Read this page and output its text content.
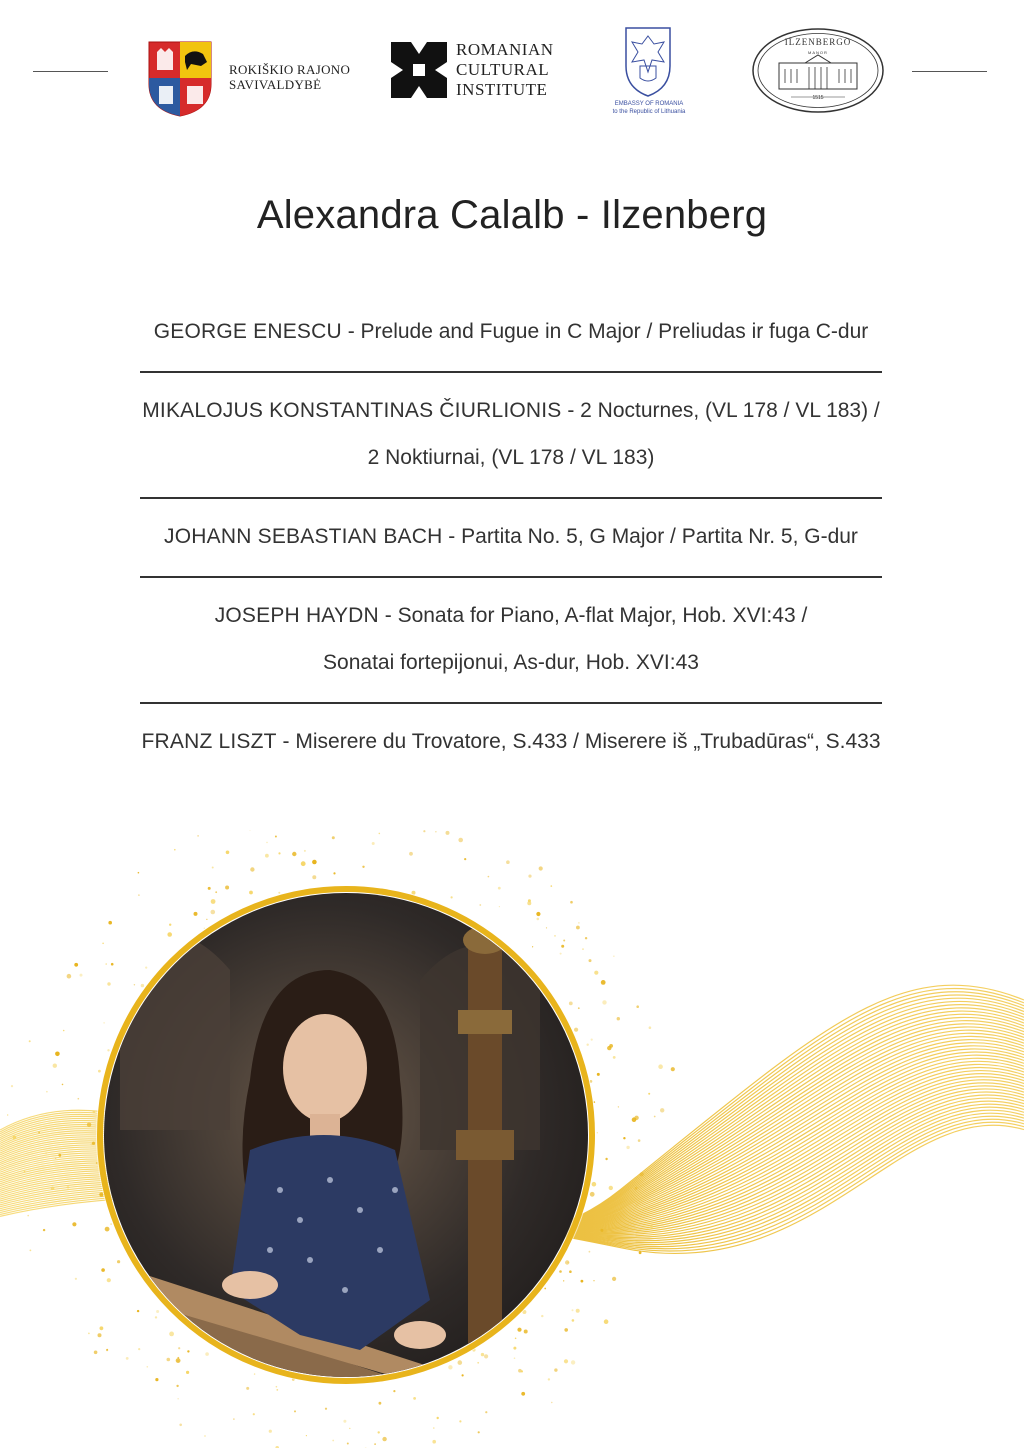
ROKIŠKIO RAJONO
SAVIVALDYBĖ
ROMANIAN
CULTURAL
INSTITUTE
EMBASSY OF ROMANIA
to the Republic of Lithuania
ILZENBERGO
MANOR
1515
Alexandra Calalb - Ilzenberg
GEORGE ENESCU - Prelude and Fugue in C Major / Preliudas ir fuga C-dur
MIKALOJUS KONSTANTINAS ČIURLIONIS - 2 Nocturnes, (VL 178 / VL 183) /
2 Noktiurnai, (VL 178 / VL 183)
JOHANN SEBASTIAN BACH - Partita No. 5, G Major / Partita Nr. 5, G-dur
JOSEPH HAYDN - Sonata for Piano, A-flat Major, Hob. XVI:43 /
Sonatai fortepijonui, As-dur, Hob. XVI:43
FRANZ LISZT - Miserere du Trovatore, S.433 / Miserere iš „Trubadūras“, S.433
